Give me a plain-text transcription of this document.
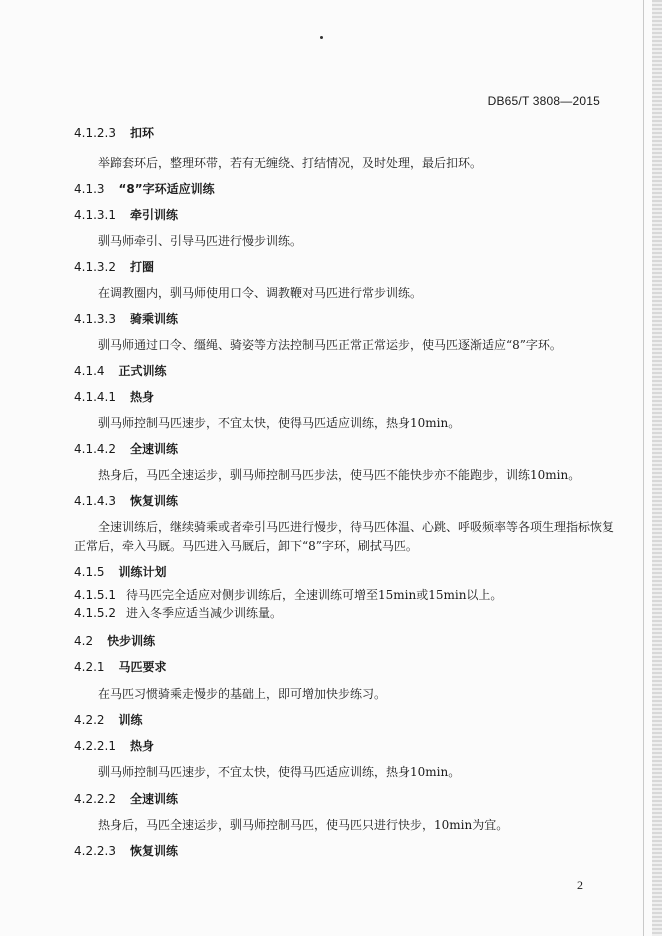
DB65/T 3808—2015
4.1.2.3 扣环
举蹄套环后，整理环带，若有无缠绕、打结情况，及时处理，最后扣环。
4.1.3 “8”字环适应训练
4.1.3.1 牵引训练
驯马师牵引、引导马匹进行慢步训练。
4.1.3.2 打圈
在调教圈内，驯马师使用口令、调教鞭对马匹进行常步训练。
4.1.3.3 骑乘训练
驯马师通过口令、缰绳、骑姿等方法控制马匹正常正常运步，使马匹逐渐适应“8”字环。
4.1.4 正式训练
4.1.4.1 热身
驯马师控制马匹速步，不宜太快，使得马匹适应训练，热身10min。
4.1.4.2 全速训练
热身后，马匹全速运步，驯马师控制马匹步法，使马匹不能快步亦不能跑步，训练10min。
4.1.4.3 恢复训练
全速训练后，继续骑乘或者牵引马匹进行慢步，待马匹体温、心跳、呼吸频率等各项生理指标恢复
正常后，牵入马厩。马匹进入马厩后，卸下“8”字环，刷拭马匹。
4.1.5 训练计划
4.1.5.1 待马匹完全适应对侧步训练后，全速训练可增至15min或15min以上。
4.1.5.2 进入冬季应适当减少训练量。
4.2 快步训练
4.2.1 马匹要求
在马匹习惯骑乘走慢步的基础上，即可增加快步练习。
4.2.2 训练
4.2.2.1 热身
驯马师控制马匹速步，不宜太快，使得马匹适应训练，热身10min。
4.2.2.2 全速训练
热身后，马匹全速运步，驯马师控制马匹，使马匹只进行快步，10min为宜。
4.2.2.3 恢复训练
2
